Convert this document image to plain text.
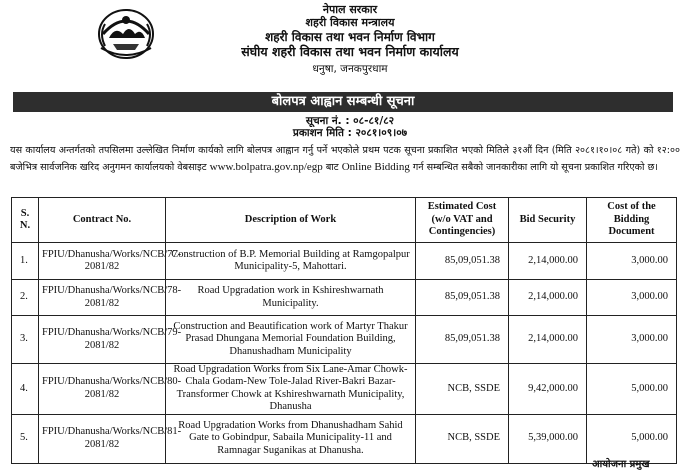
नेपाल सरकार
शहरी विकास मन्त्रालय
शहरी विकास तथा भवन निर्माण विभाग
संघीय शहरी विकास तथा भवन निर्माण कार्यालय
धनुषा, जनकपुरधाम
बोलपत्र आह्वान सम्बन्धी सूचना
सूचना नं. : ०८-८१/८२
प्रकाशन मिति : २०८१।०९।०७
यस कार्यालय अन्तर्गतको तपसिलमा उल्लेखित निर्माण कार्यको लागि बोलपत्र आह्वान गर्नु पर्ने भएकोले प्रथम पटक सूचना प्रकाशित भएको मितिले ३१औं दिन (मिति २०८१।१०।०८ गते) को १२:०० बजेभित्र सार्वजनिक खरिद अनुगमन कार्यालयको वेबसाइट www.bolpatra.gov.np/egp बाट Online Bidding गर्न सम्बन्धित सबैको जानकारीका लागि यो सूचना प्रकाशित गरिएको छ।
S. N.	Contract No.	Description of Work	Estimated Cost (w/o VAT and Contingencies)	Bid Security	Cost of the Bidding Document
1.	FPIU/Dhanusha/Works/NCB/77-2081/82	Construction of B.P. Memorial Building at Ramgopalpur Municipality-5, Mahottari.	85,09,051.38	2,14,000.00	3,000.00
2.	FPIU/Dhanusha/Works/NCB/78-2081/82	Road Upgradation work in Kshireshwarnath Municipality.	85,09,051.38	2,14,000.00	3,000.00
3.	FPIU/Dhanusha/Works/NCB/79-2081/82	Construction and Beautification work of Martyr Thakur Prasad Dhungana Memorial Foundation Building, Dhanushadham Municipality	85,09,051.38	2,14,000.00	3,000.00
4.	FPIU/Dhanusha/Works/NCB/80-2081/82	Road Upgradation Works from Six Lane-Amar Chowk-Chala Godam-New Tole-Jalad River-Bakri Bazar-Transformer Chowk at Kshireshwarnath Municipality, Dhanusha	NCB, SSDE	9,42,000.00	5,000.00
5.	FPIU/Dhanusha/Works/NCB/81-2081/82	Road Upgradation Works from Dhanushadham Sahid Gate to Gobindpur, Sabaila Municipality-11 and Ramnagar Suganikas at Dhanusha.	NCB, SSDE	5,39,000.00	5,000.00
आयोजना प्रमुख
